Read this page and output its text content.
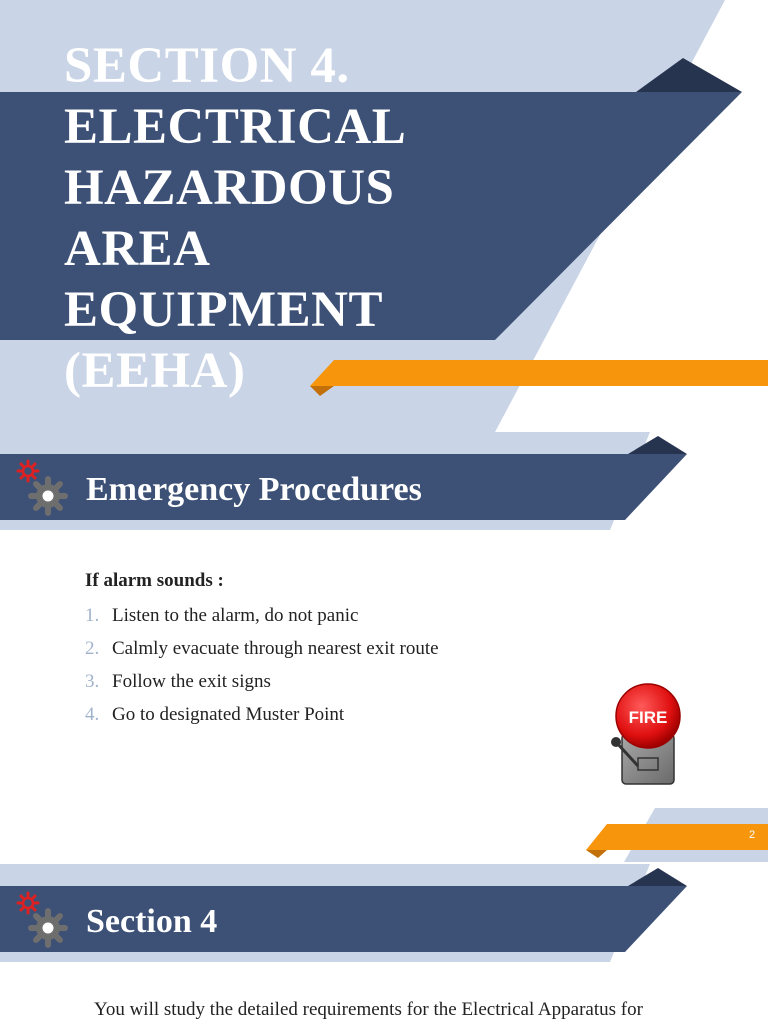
SECTION 4.
ELECTRICAL
HAZARDOUS
AREA
EQUIPMENT
(EEHA)
Emergency Procedures

If alarm sounds :

1. Listen to the alarm, do not panic
2. Calmly evacuate through nearest exit route
3. Follow the exit signs
4. Go to designated Muster Point	FIRE
2
Section 4

You will study the detailed requirements for the Electrical Apparatus for
